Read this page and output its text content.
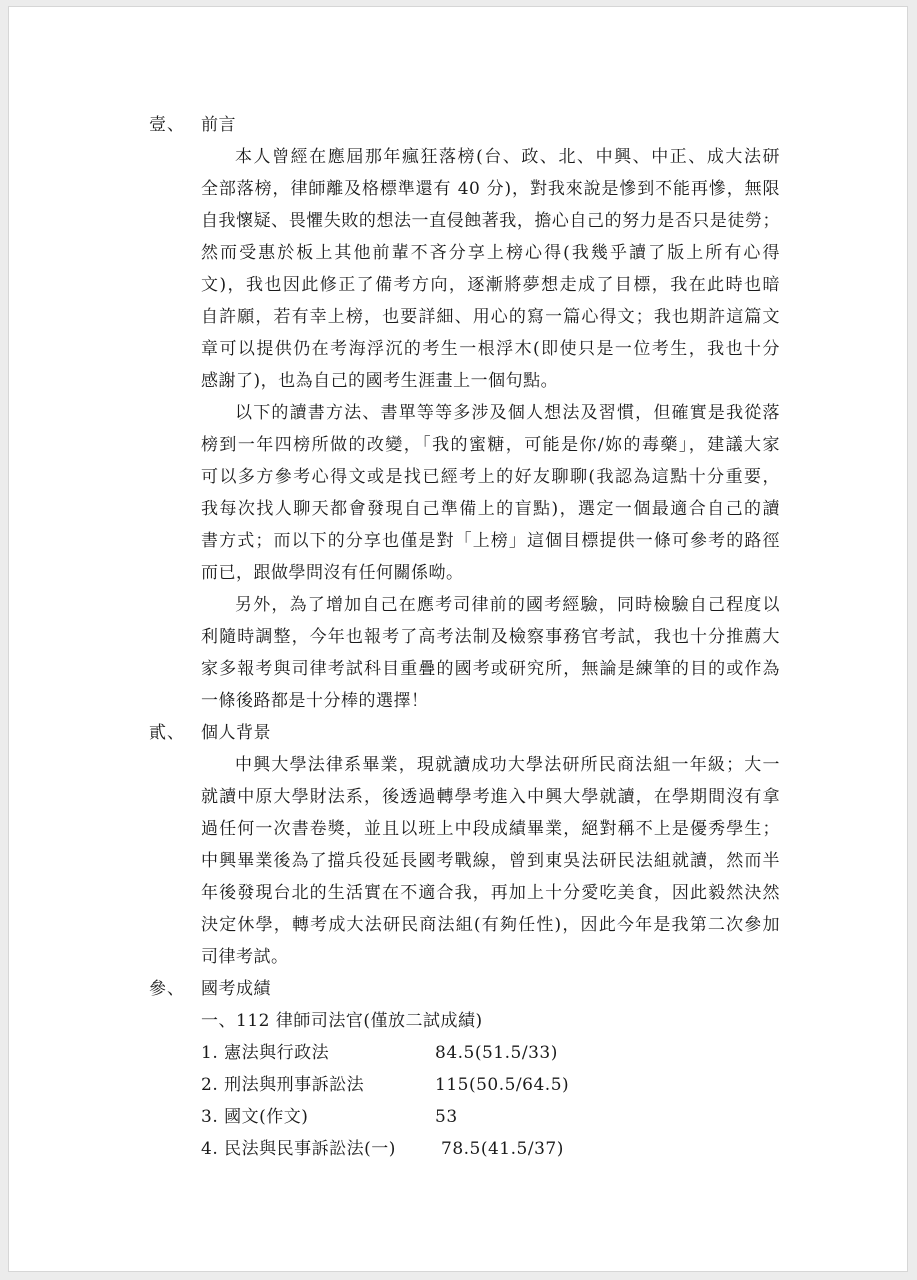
壹、 前言
本人曾經在應屆那年瘋狂落榜(台、政、北、中興、中正、成大法研
全部落榜，律師離及格標準還有 40 分)，對我來說是慘到不能再慘，無限
自我懷疑、畏懼失敗的想法一直侵蝕著我，擔心自己的努力是否只是徒勞；
然而受惠於板上其他前輩不吝分享上榜心得(我幾乎讀了版上所有心得
文)，我也因此修正了備考方向，逐漸將夢想走成了目標，我在此時也暗
自許願，若有幸上榜，也要詳細、用心的寫一篇心得文；我也期許這篇文
章可以提供仍在考海浮沉的考生一根浮木(即使只是一位考生，我也十分
感謝了)，也為自己的國考生涯畫上一個句點。
以下的讀書方法、書單等等多涉及個人想法及習慣，但確實是我從落
榜到一年四榜所做的改變，「我的蜜糖，可能是你/妳的毒藥」，建議大家
可以多方參考心得文或是找已經考上的好友聊聊(我認為這點十分重要，
我每次找人聊天都會發現自己準備上的盲點)，選定一個最適合自己的讀
書方式；而以下的分享也僅是對「上榜」這個目標提供一條可參考的路徑
而已，跟做學問沒有任何關係呦。
另外，為了增加自己在應考司律前的國考經驗，同時檢驗自己程度以
利隨時調整，今年也報考了高考法制及檢察事務官考試，我也十分推薦大
家多報考與司律考試科目重疊的國考或研究所，無論是練筆的目的或作為
一條後路都是十分棒的選擇！
貳、 個人背景
中興大學法律系畢業，現就讀成功大學法研所民商法組一年級；大一
就讀中原大學財法系，後透過轉學考進入中興大學就讀，在學期間沒有拿
過任何一次書卷獎，並且以班上中段成績畢業，絕對稱不上是優秀學生；
中興畢業後為了擋兵役延長國考戰線，曾到東吳法研民法組就讀，然而半
年後發現台北的生活實在不適合我，再加上十分愛吃美食，因此毅然決然
決定休學，轉考成大法研民商法組(有夠任性)，因此今年是我第二次參加
司律考試。
參、 國考成績
一、112 律師司法官(僅放二試成績)
1. 憲法與行政法	84.5(51.5/33)
2. 刑法與刑事訴訟法	115(50.5/64.5)
3. 國文(作文)	53
4. 民法與民事訴訟法(一)	78.5(41.5/37)
